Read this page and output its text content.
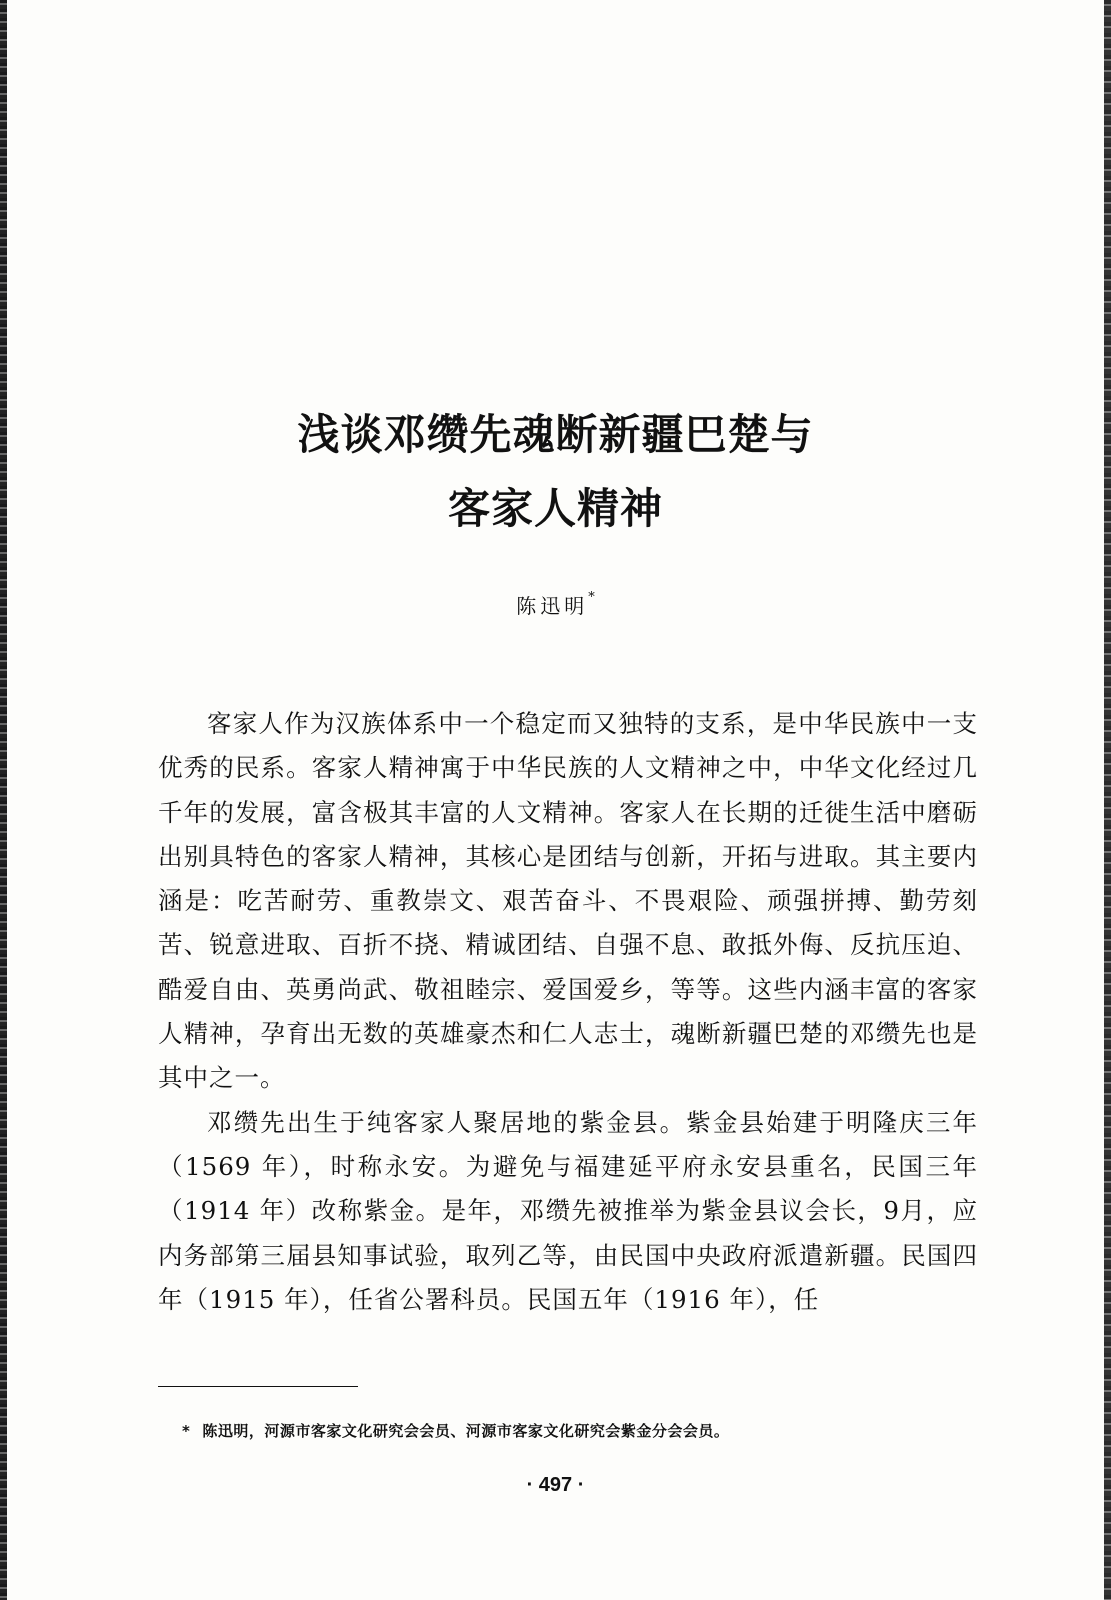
浅谈邓缵先魂断新疆巴楚与
客家人精神
陈迅明*

客家人作为汉族体系中一个稳定而又独特的支系，是中华民族中一支优秀的民系。客家人精神寓于中华民族的人文精神之中，中华文化经过几千年的发展，富含极其丰富的人文精神。客家人在长期的迁徙生活中磨砺出别具特色的客家人精神，其核心是团结与创新，开拓与进取。其主要内涵是：吃苦耐劳、重教崇文、艰苦奋斗、不畏艰险、顽强拼搏、勤劳刻苦、锐意进取、百折不挠、精诚团结、自强不息、敢抵外侮、反抗压迫、酷爱自由、英勇尚武、敬祖睦宗、爱国爱乡，等等。这些内涵丰富的客家人精神，孕育出无数的英雄豪杰和仁人志士，魂断新疆巴楚的邓缵先也是其中之一。

邓缵先出生于纯客家人聚居地的紫金县。紫金县始建于明隆庆三年（1569 年），时称永安。为避免与福建延平府永安县重名，民国三年（1914 年）改称紫金。是年，邓缵先被推举为紫金县议会长，9月，应内务部第三届县知事试验，取列乙等，由民国中央政府派遣新疆。民国四年（1915 年），任省公署科员。民国五年（1916 年），任

* 陈迅明，河源市客家文化研究会会员、河源市客家文化研究会紫金分会会员。
· 497 ·
